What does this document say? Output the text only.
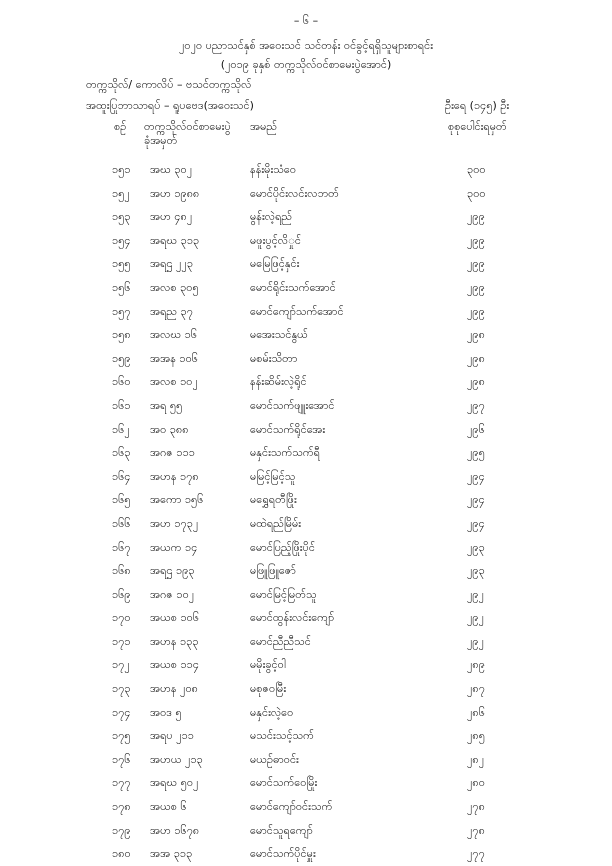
– ၆ –
၂၀၂၀ ပညာသင်နှစ် အဝေးသင် သင်တန်း ဝင်ခွင့်ရရှိသူများစာရင်း
(၂၀၁၉ ခုနှစ် တက္ကသိုလ်ဝင်စာမေးပွဲအောင်)
တက္ကသိုလ်/ ကောလိပ် – ဗသင်တက္ကသိုလ်
အထူးပြုဘာသာရပ် – ရူပဗေဒ(အဝေးသင်)	ဦးရေ (၁၄၅) ဦး
စဉ် တက္ကသိုလ်ဝင်စာမေးပွဲ
ခုံအမှတ်
အမည်	စုစုပေါင်းရမှတ်
၁၅၁ အဃ ၃၀၂	နန်းမိုးသံဝေ	၃၀၀
၁၅၂ အဟ ၁၉၈၈	မောင်ပိုင်းလင်းလဘတ်	၃၀၀
၁၅၃ အဟ ၄၈၂	မွန်းလဲ့ရည်	၂၉၉
၁၅၄ အရဃ ၃၁၃	မဖူးပွင့်လိှုင်	၂၉၉
၁၅၅ အရဌ ၂၂၃	မမြေဖြင့်နှင်း	၂၉၉
၁၅၆ အလစ ၃၀၅	မောင်ရိုင်းသက်အောင်	၂၉၉
၁၅၇ အရည ၃၇	မောင်ကျော်သက်အောင်	၂၉၉
၁၅၈ အလဃ ၁၆	မအေးသင်နွယ်	၂၉၈
၁၅၉ အအန ၁၀၆	မစမ်းသိတာ	၂၉၈
၁၆၀ အလစ ၁၀၂	နန်းဆိမ်းလဲ့ရိုင်	၂၉၈
၁၆၁ အရ ၅၅	မောင်သက်ဖျူးအောင်	၂၉၇
၁၆၂ အဝ ၃၈၈	မောင်သက်ရိုင်အေး	၂၉၆
၁၆၃ အဂဇ ၁၁၁	မနှင်းသက်သက်ရီ	၂၉၅
၁၆၄ အဟန ၁၇၈	မမြင့်မြင့်သူ	၂၉၄
၁၆၅ အကော ၁၅၆	မရွှေရတီဖြိုး	၂၉၄
၁၆၆ အဟ ၁၇၃၂	မထဲရည်မြိမ်း	၂၉၄
၁၆၇ အယက ၁၄	မောင်ပြည့်ဖြိုးပိုင်	၂၉၃
၁၆၈ အရဌ ၁၉၃	မဖြူဖြူဇော်	၂၉၃
၁၆၉ အဂဇ ၁၀၂	မောင်မြင့်မြတ်သူ	၂၉၂
၁၇၀ အယစ ၁၀၆	မောင်ထွန်းလင်းကျော်	၂၉၂
၁၇၁ အဟန ၁၃၃	မောင်ညီညီသင်	၂၉၂
၁၇၂ အယစ ၁၁၄	မမိုးခွင့်ဝါ	၂၈၉
၁၇၃ အဟန ၂၀၈	မစုဇဝမြီး	၂၈၇
၁၇၄ အဝဒ ၅	မနှင်းလဲ့ဝေ	၂၈၆
၁၇၅ အရပ ၂၁၁	မသင်းသင့်သက်	၂၈၅
၁၇၆ အဟယ ၂၁၃	မယဉ်ဓာဝင်း	၂၈၂
၁၇၇ အရဃ ၅၀၂	မောင်သက်ဝေမြိုး	၂၈၀
၁၇၈ အယစ ၆	မောင်ကျော်ဝင်းသက်	၂၇၈
၁၇၉ အဟ ၁၆၇၈	မောင်သူရကျော်	၂၇၈
၁၈၀ အအ ၃၁၃	မောင်သက်ပိုင်မှူး	၂၇၇
